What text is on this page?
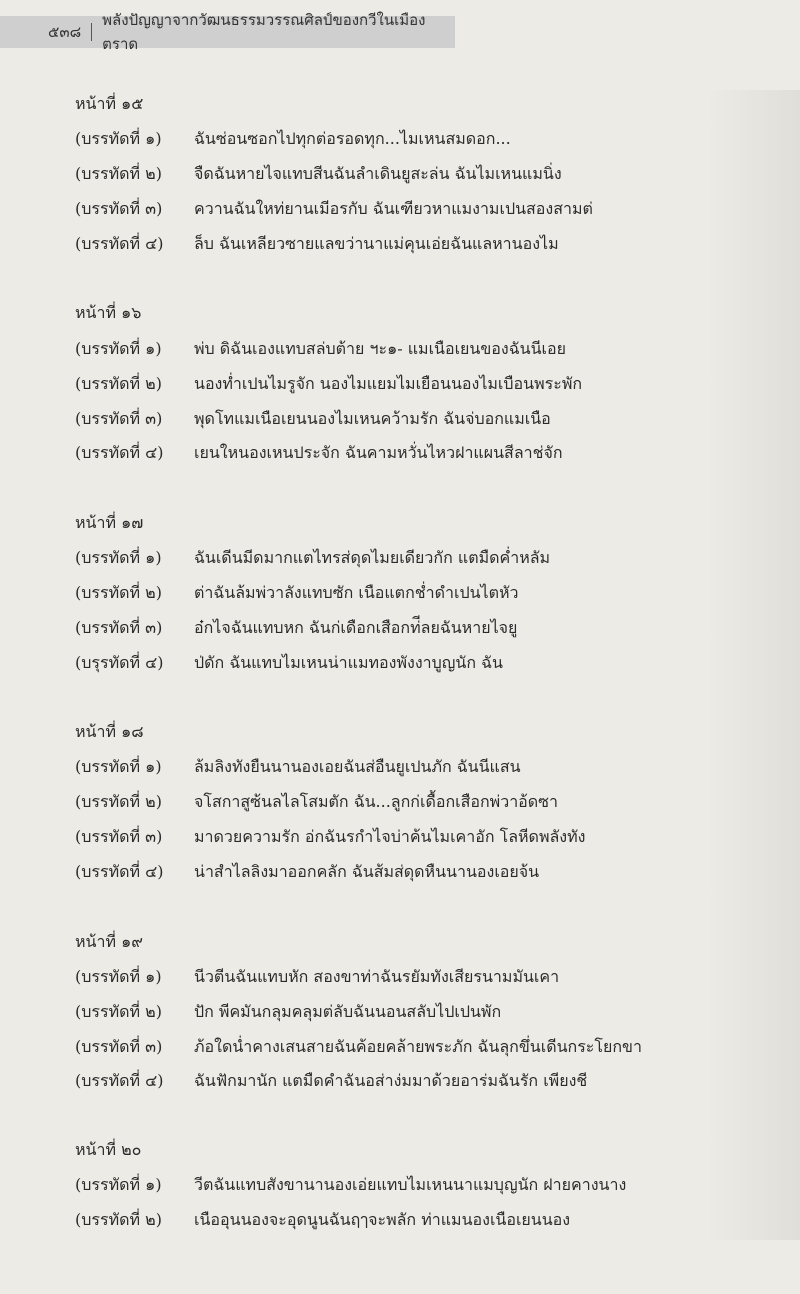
๕๓๘
พลังปัญญาจากวัฒนธรรมวรรณศิลป์ของกวีในเมืองตราด
หน้าที่ ๑๕
(บรรทัดที่ ๑) ฉันซ่อนซอกไปทุกต่อรอดทุก...ไมเหนสมดอก...
(บรรทัดที่ ๒) จืดฉันหายไจแทบสีนฉันลำเดินยูสะล่น ฉันไมเหนแมนิ่ง
(บรรทัดที่ ๓) ควานฉันใหท่ยานเมีอรกับ ฉันเฑียวหาแมงามเปนสองสามต่
(บรรทัดที่ ๔) ล็บ ฉันเหลียวซายแลขว่านาแม่คุนเอ่ยฉันแลหานองไม
หน้าที่ ๑๖
(บรรทัดที่ ๑) พ่บ ดิฉันเองแทบสล่บต้าย ฯะ๑- แมเนือเยนของฉันนีเอย
(บรรทัดที่ ๒) นองท่ำเปนไมรูจัก นองไมแยมไมเยือนนองไมเบือนพระพัก
(บรรทัดที่ ๓) พุดโทแมเนือเยนนองไมเหนคว้ามรัก ฉันจ่บอกแมเนือ
(บรรทัดที่ ๔) เยนใหนองเหนประจัก ฉันคามหวั่นไหวฝาแผนสีลาช่จัก
หน้าที่ ๑๗
(บรรทัดที่ ๑) ฉันเดีนมีดมากแตไทรส่ดุดไมยเดียวกัก แตมืดค่ำหลัม
(บรรทัดที่ ๒) ต่าฉันล้มพ่วาลังแทบซัก เนือแตกช่ำดำเปนไตหัว
(บรรทัดที่ ๓) อ๋กไจฉันแทบหก ฉันก่เดือกเสือกท่ีลยฉันหายไจยู
(บรุรทัดที่ ๔) ป่ดัก ฉันแทบไมเหนน่าแมทองพังงาบูญนัก ฉัน
หน้าที่ ๑๘
(บรรทัดที่ ๑) ล้มลิงทังยืนนานองเอยฉันส่อืนยูเปนภัก ฉันนีแสน
(บรรทัดที่ ๒) จโสกาสูซ้นลไลโสมตัก ฉัน...ลูกก่เดื้อกเสือกพ่วาอ้ดซา
(บรรทัดที่ ๓) มาดวยความรัก อ่กฉันรกำไจบ่าค้นไมเคาอัก โลหีดพลังทัง
(บรรทัดที่ ๔) น่าสำไลลิงมาออกคลัก ฉันส้มส่ดุดหืนนานองเอยจ้น
หน้าที่ ๑๙
(บรรทัดที่ ๑) นีวตีนฉันแทบหัก สองขาท่าฉันรยัมทังเสียรนามมันเคา
(บรรทัดที่ ๒) ปัก พีคมันกลุมคลุมต่ลับฉันนอนสลับไปเปนพัก
(บรรทัดที่ ๓) ภ้อใดน่ำคางเสนสายฉันค้อยคล้ายพระภัก ฉันลุกขึ่นเดีนกระโยกขา
(บรรทัดที่ ๔) ฉันฟักมานัก แตมืดคำฉันอส่าง่มมาด้วยอาร่มฉันรัก เพียงชี
หน้าที่ ๒๐
(บรรทัดที่ ๑) วีตฉันแทบสังขานานองเอ่ยแทบไมเหนนาแมบุญนัก ฝายคางนาง
(บรรทัดที่ ๒) เนืออุนนองจะอุดนูนฉันฤๅจะพลัก ท่าแมนองเนือเยนนอง
